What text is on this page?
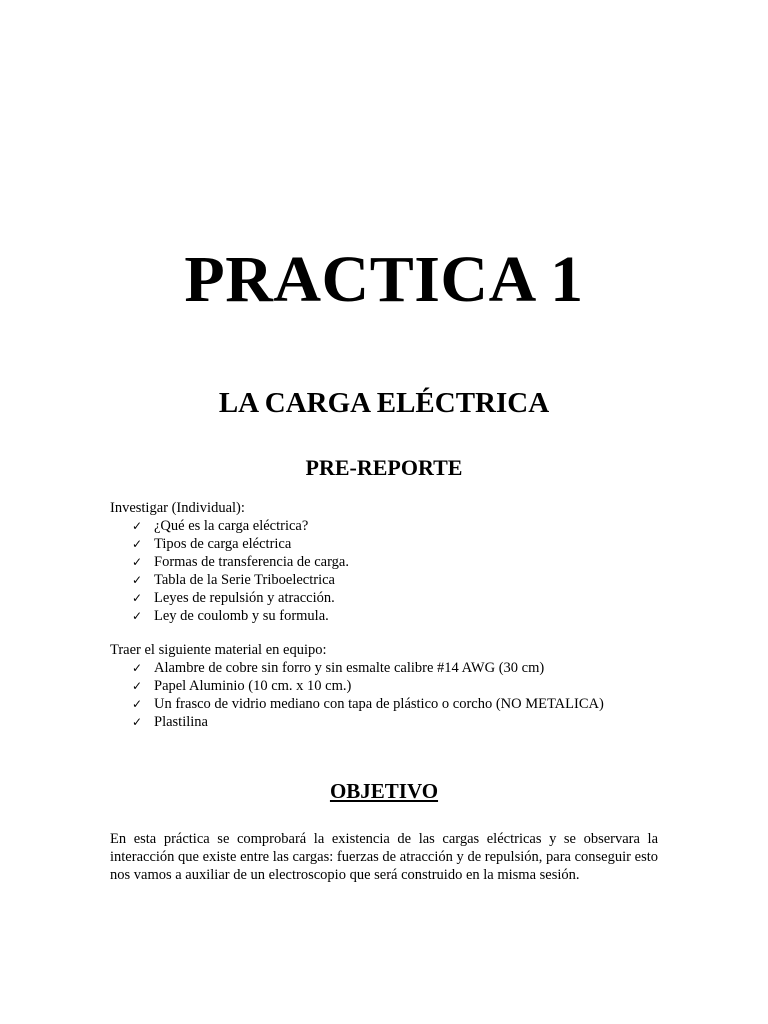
PRACTICA 1
LA CARGA ELÉCTRICA
PRE-REPORTE

Investigar (Individual):

✓ ¿Qué es la carga eléctrica?
✓ Tipos de carga eléctrica
✓ Formas de transferencia de carga.
✓ Tabla de la Serie Triboelectrica
✓ Leyes de repulsión y atracción.
✓ Ley de coulomb y su formula.

Traer el siguiente material en equipo:

✓ Alambre de cobre sin forro y sin esmalte calibre #14 AWG (30 cm)
✓ Papel Aluminio (10 cm. x 10 cm.)
✓ Un frasco de vidrio mediano con tapa de plástico o corcho (NO METALICA)
✓ Plastilina
OBJETIVO

En esta práctica se comprobará la existencia de las cargas eléctricas y se observara la interacción que existe entre las cargas: fuerzas de atracción y de repulsión, para conseguir esto nos vamos a auxiliar de un electroscopio que será construido en la misma sesión.
